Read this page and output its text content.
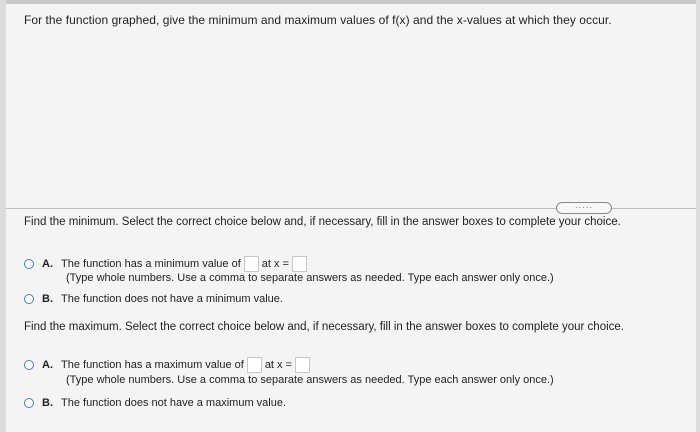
For the function graphed, give the minimum and maximum values of f(x) and the x-values at which they occur.
·····
Find the minimum. Select the correct choice below and, if necessary, fill in the answer boxes to complete your choice.
A. The function has a minimum value of at x =
(Type whole numbers. Use a comma to separate answers as needed. Type each answer only once.)
B. The function does not have a minimum value.
Find the maximum. Select the correct choice below and, if necessary, fill in the answer boxes to complete your choice.
A. The function has a maximum value of at x =
(Type whole numbers. Use a comma to separate answers as needed. Type each answer only once.)
B. The function does not have a maximum value.
